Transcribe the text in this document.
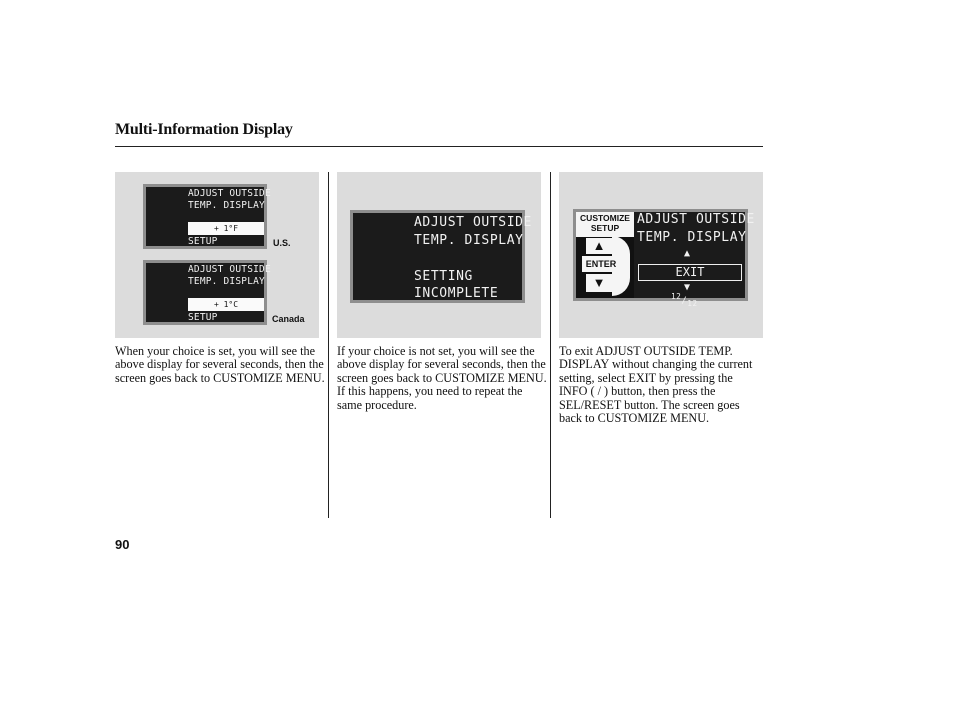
Multi-Information Display
ADJUST OUTSIDE
TEMP. DISPLAY
+ 1°F
SETUP	U.S.
ADJUST OUTSIDE
TEMP. DISPLAY
+ 1°C
SETUP	Canada
ADJUST OUTSIDE
TEMP. DISPLAY
SETTING
INCOMPLETE
CUSTOMIZE
SETUP
▲
ENTER
▼
ADJUST OUTSIDE
TEMP. DISPLAY
▲
EXIT

$^{12}/_{12}$

▼
When your choice is set, you will see the above display for several seconds, then the screen goes back to CUSTOMIZE MENU.
If your choice is not set, you will see the above display for several seconds, then the screen goes back to CUSTOMIZE MENU. If this happens, you need to repeat the same procedure.
To exit ADJUST OUTSIDE TEMP. DISPLAY without changing the current setting, select EXIT by pressing the INFO ( / ) button, then press the SEL/RESET button. The screen goes back to CUSTOMIZE MENU.
90
